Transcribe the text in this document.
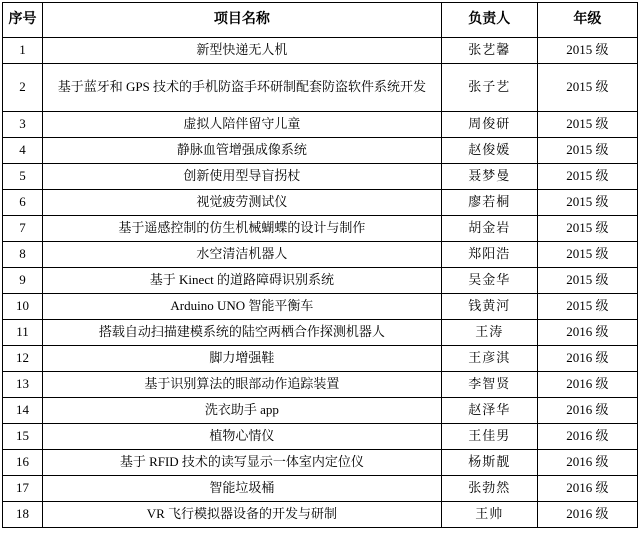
序号	项目名称	负责人	年级
1	新型快递无人机	张艺馨	2015 级
2	基于蓝牙和 GPS 技术的手机防盗手环研制配套防盗软件系统开发	张子艺	2015 级
3	虚拟人陪伴留守儿童	周俊研	2015 级
4	静脉血管增强成像系统	赵俊媛	2015 级
5	创新使用型导盲拐杖	聂梦曼	2015 级
6	视觉疲劳测试仪	廖若桐	2015 级
7	基于遥感控制的仿生机械蝴蝶的设计与制作	胡金岩	2015 级
8	水空清洁机器人	郑阳浩	2015 级
9	基于 Kinect 的道路障碍识别系统	吴金华	2015 级
10	Arduino UNO 智能平衡车	钱黄河	2015 级
11	搭载自动扫描建模系统的陆空两栖合作探测机器人	王涛	2016 级
12	脚力增强鞋	王彦淇	2016 级
13	基于识别算法的眼部动作追踪装置	李智贤	2016 级
14	洗衣助手 app	赵泽华	2016 级
15	植物心情仪	王佳男	2016 级
16	基于 RFID 技术的读写显示一体室内定位仪	杨斯靓	2016 级
17	智能垃圾桶	张勃然	2016 级
18	VR 飞行模拟器设备的开发与研制	王帅	2016 级
